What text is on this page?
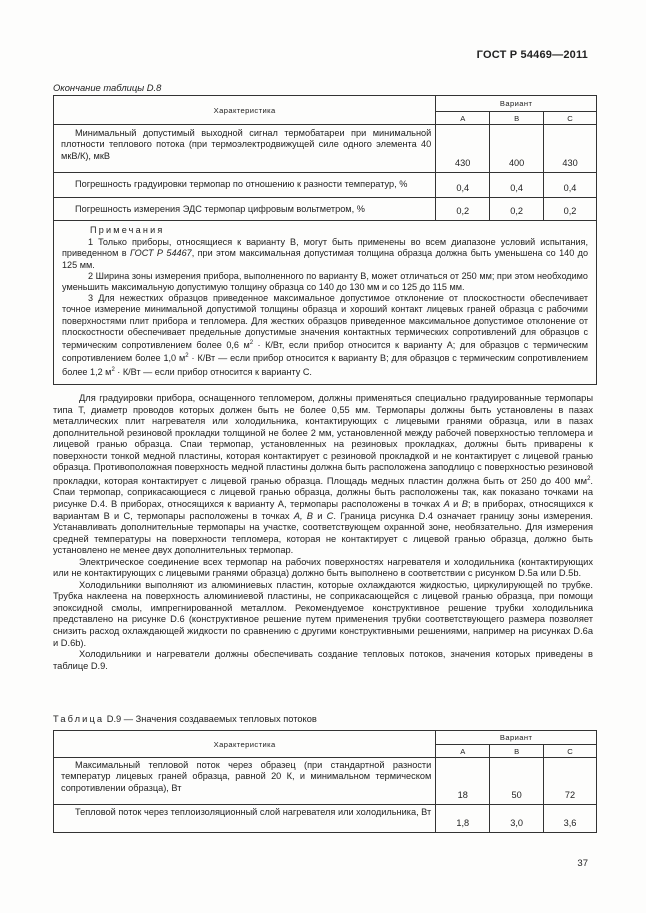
ГОСТ Р 54469—2011
Окончание таблицы D.8
Характеристика	Вариант		
	A	B	C

Минимальный допустимый выходной сигнал термобатареи при минимальной плотности теплового потока (при термоэлектродвижущей силе одного элемента 40 мкВ/К), мкВ	430	400	430

Погрешность градуировки термопар по отношению к разности температур, %	0,4	0,4	0,4

Погрешность измерения ЭДС термопар цифровым вольтметром, %	0,2	0,2	0,2

Примечания

1 Только приборы, относящиеся к варианту B, могут быть применены во всем диапазоне условий испытания, приведенном в ГОСТ Р 54467, при этом максимальная допустимая толщина образца должна быть уменьшена со 140 до 125 мм.

2 Ширина зоны измерения прибора, выполненного по варианту B, может отличаться от 250 мм; при этом необходимо уменьшить максимальную допустимую толщину образца со 140 до 130 мм и со 125 до 115 мм.

3 Для нежестких образцов приведенное максимальное допустимое отклонение от плоскостности обеспечивает точное измерение минимальной допустимой толщины образца и хороший контакт лицевых граней образца с рабочими поверхностями плит прибора и тепломера. Для жестких образцов приведенное максимальное допустимое отклонение от плоскостности обеспечивает предельные допустимые значения контактных термических сопротивлений для образцов с термическим сопротивлением более 0,6 $м^2 \cdot К/Вт$, если прибор относится к варианту A; для образцов с термическим сопротивлением более 1,0 $м^2 \cdot К/Вт$ — если прибор относится к варианту B; для образцов с термическим сопротивлением более 1,2 $м^2 \cdot К/Вт$ — если прибор относится к варианту C.			

Для градуировки прибора, оснащенного тепломером, должны применяться специально градуированные термопары типа T, диаметр проводов которых должен быть не более 0,55 мм. Термопары должны быть установлены в пазах металлических плит нагревателя или холодильника, контактирующих с лицевыми гранями образца, или в пазах дополнительной резиновой прокладки толщиной не более 2 мм, установленной между рабочей поверхностью тепломера и лицевой гранью образца. Спаи термопар, установленных на резиновых прокладках, должны быть приварены к поверхности тонкой медной пластины, которая контактирует с резиновой прокладкой и не контактирует с лицевой гранью образца. Противоположная поверхность медной пластины должна быть расположена заподлицо с поверхностью резиновой прокладки, которая контактирует с лицевой гранью образца. Площадь медных пластин должна быть от 250 до 400 $мм^2$. Спаи термопар, соприкасающиеся с лицевой гранью образца, должны быть расположены так, как показано точками на рисунке D.4. В приборах, относящихся к варианту A, термопары расположены в точках A и B; в приборах, относящихся к вариантам B и C, термопары расположены в точках A, B и C. Граница рисунка D.4 означает границу зоны измерения. Устанавливать дополнительные термопары на участке, соответствующем охранной зоне, необязательно. Для измерения средней температуры на поверхности тепломера, которая не контактирует с лицевой гранью образца, должно быть установлено не менее двух дополнительных термопар.

Электрическое соединение всех термопар на рабочих поверхностях нагревателя и холодильника (контактирующих или не контактирующих с лицевыми гранями образца) должно быть выполнено в соответствии с рисунком D.5a или D.5b.

Холодильники выполняют из алюминиевых пластин, которые охлаждаются жидкостью, циркулирующей по трубке. Трубка наклеена на поверхность алюминиевой пластины, не соприкасающейся с лицевой гранью образца, при помощи эпоксидной смолы, импрегнированной металлом. Рекомендуемое конструктивное решение трубки холодильника представлено на рисунке D.6 (конструктивное решение путем применения трубки соответствующего размера позволяет снизить расход охлаждающей жидкости по сравнению с другими конструктивными решениями, например на рисунках D.6a и D.6b).

Холодильники и нагреватели должны обеспечивать создание тепловых потоков, значения которых приведены в таблице D.9.

Таблица D.9 — Значения создаваемых тепловых потоков
Характеристика	Вариант		
	A	B	C

Максимальный тепловой поток через образец (при стандартной разности температур лицевых граней образца, равной 20 К, и минимальном термическом сопротивлении образца), Вт	18	50	72

Тепловой поток через теплоизоляционный слой нагревателя или холодильника, Вт	1,8	3,0	3,6
37
